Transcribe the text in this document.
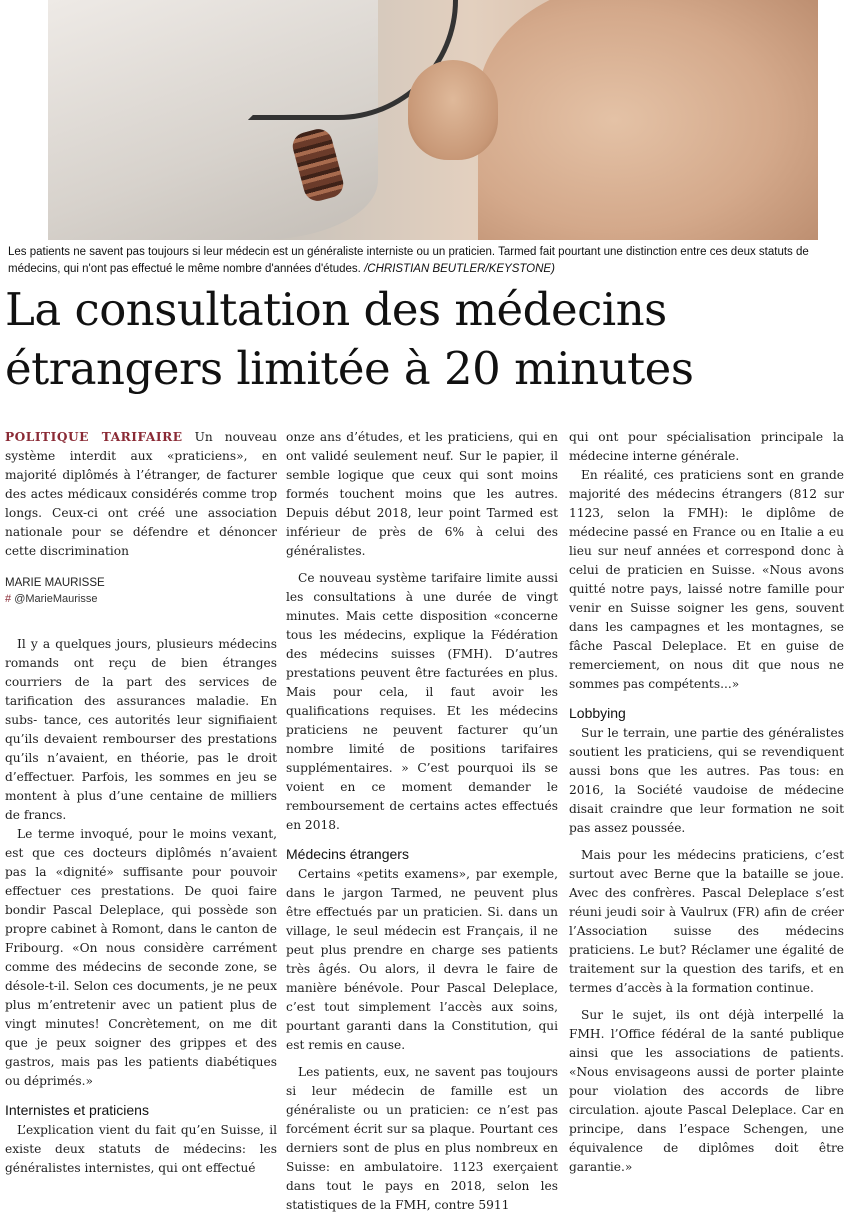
Les patients ne savent pas toujours si leur médecin est un généraliste interniste ou un praticien. Tarmed fait pourtant une distinction entre ces deux statuts de médecins, qui n'ont pas effectué le même nombre d'années d'études. /CHRISTIAN BEUTLER/KEYSTONE)
La consultation des médecins étrangers limitée à 20 minutes

POLITIQUE TARIFAIRE Un nouveau système interdit aux «praticiens», en majorité diplômés à l’étranger, de facturer des actes médicaux considérés comme trop longs. Ceux-ci ont créé une association nationale pour se défendre et dénoncer cette discrimination

MARIE MAURISSE
# @MarieMaurisse

Il y a quelques jours, plusieurs médecins romands ont reçu de bien étranges courriers de la part des services de tarification des assurances maladie. En subs- tance, ces autorités leur signifiaient qu’ils devaient rembourser des prestations qu’ils n’avaient, en théorie, pas le droit d’effectuer. Parfois, les sommes en jeu se montent à plus d’une centaine de milliers de francs.

Le terme invoqué, pour le moins vexant, est que ces docteurs diplômés n’avaient pas la «dignité» suffisante pour pouvoir effectuer ces prestations. De quoi faire bondir Pascal Deleplace, qui possède son propre cabinet à Romont, dans le canton de Fribourg. «On nous considère carrément comme des médecins de seconde zone, se désole-t-il. Selon ces documents, je ne peux plus m’entretenir avec un patient plus de vingt minutes! Concrètement, on me dit que je peux soigner des grippes et des gastros, mais pas les patients diabétiques ou déprimés.»

Internistes et praticiens

L’explication vient du fait qu’en Suisse, il existe deux statuts de médecins: les généralistes internistes, qui ont effectué

onze ans d’études, et les praticiens, qui en ont validé seulement neuf. Sur le papier, il semble logique que ceux qui sont moins formés touchent moins que les autres. Depuis début 2018, leur point Tarmed est inférieur de près de 6% à celui des généralistes.

Ce nouveau système tarifaire limite aussi les consultations à une durée de vingt minutes. Mais cette disposition «concerne tous les médecins, explique la Fédération des médecins suisses (FMH). D’autres prestations peuvent être facturées en plus. Mais pour cela, il faut avoir les qualifications requises. Et les médecins praticiens ne peuvent facturer qu’un nombre limité de positions tarifaires supplémentaires. » C’est pourquoi ils se voient en ce moment demander le remboursement de certains actes effectués en 2018.

Médecins étrangers

Certains «petits examens», par exemple, dans le jargon Tarmed, ne peuvent plus être effectués par un praticien. Si. dans un village, le seul médecin est Français, il ne peut plus prendre en charge ses patients très âgés. Ou alors, il devra le faire de manière bénévole. Pour Pascal Deleplace, c’est tout simplement l’accès aux soins, pourtant garanti dans la Constitution, qui est remis en cause.

Les patients, eux, ne savent pas toujours si leur médecin de famille est un généraliste ou un praticien: ce n’est pas forcément écrit sur sa plaque. Pourtant ces derniers sont de plus en plus nombreux en Suisse: en ambulatoire. 1123 exerçaient dans tout le pays en 2018, selon les statistiques de la FMH, contre 5911

qui ont pour spécialisation principale la médecine interne générale.

En réalité, ces praticiens sont en grande majorité des médecins étrangers (812 sur 1123, selon la FMH): le diplôme de médecine passé en France ou en Italie a eu lieu sur neuf années et correspond donc à celui de praticien en Suisse. «Nous avons quitté notre pays, laissé notre famille pour venir en Suisse soigner les gens, souvent dans les campagnes et les montagnes, se fâche Pascal Deleplace. Et en guise de remerciement, on nous dit que nous ne sommes pas compétents...»

Lobbying

Sur le terrain, une partie des généralistes soutient les praticiens, qui se revendiquent aussi bons que les autres. Pas tous: en 2016, la Société vaudoise de médecine disait craindre que leur formation ne soit pas assez poussée.

Mais pour les médecins praticiens, c’est surtout avec Berne que la bataille se joue. Avec des confrères. Pascal Deleplace s’est réuni jeudi soir à Vaulrux (FR) afin de créer l’Association suisse des médecins praticiens. Le but? Réclamer une égalité de traitement sur la question des tarifs, et en termes d’accès à la formation continue.

Sur le sujet, ils ont déjà interpellé la FMH. l’Office fédéral de la santé publique ainsi que les associations de patients. «Nous envisageons aussi de porter plainte pour violation des accords de libre circulation. ajoute Pascal Deleplace. Car en principe, dans l’espace Schengen, une équivalence de diplômes doit être garantie.»
